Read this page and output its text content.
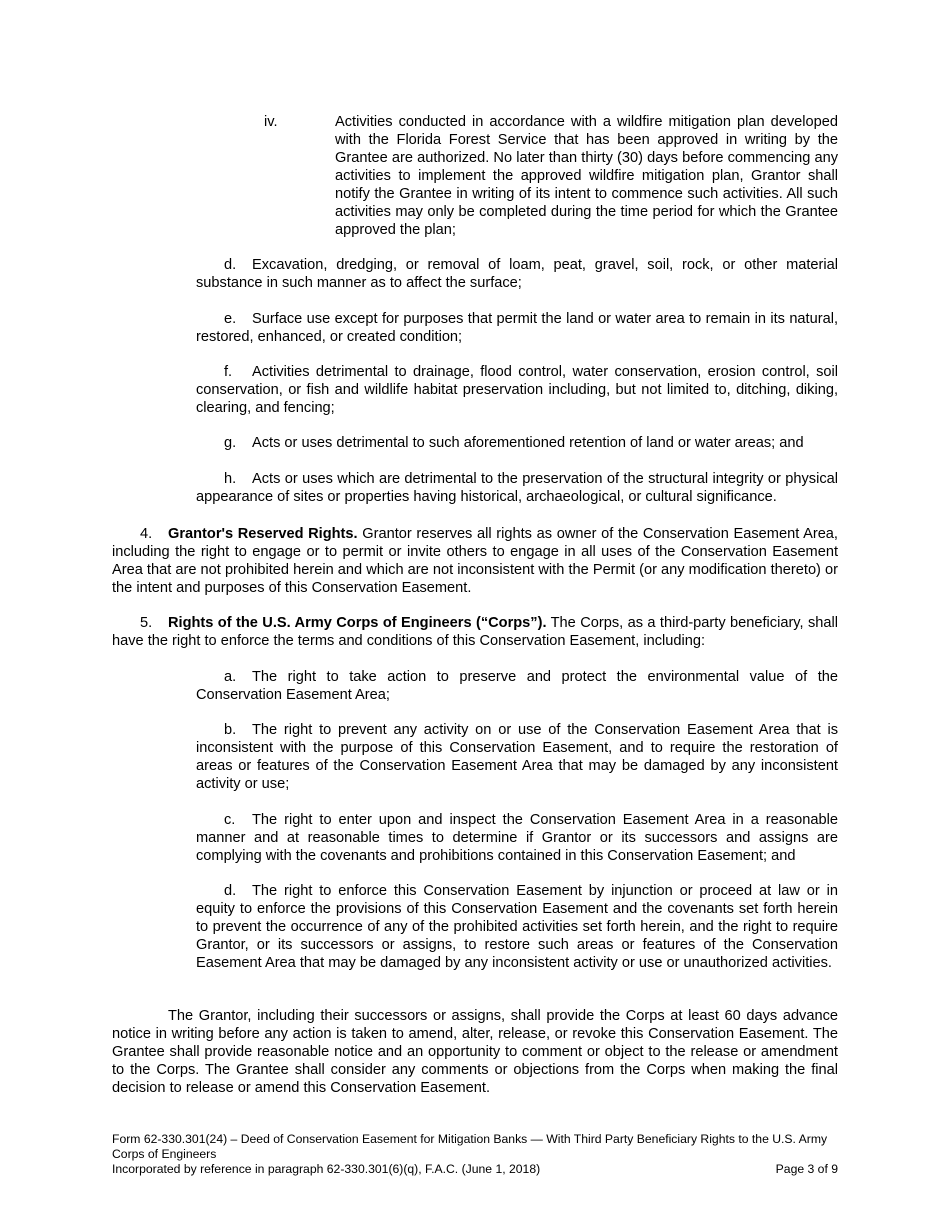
iv.	Activities conducted in accordance with a wildfire mitigation plan developed with the Florida Forest Service that has been approved in writing by the Grantee are authorized. No later than thirty (30) days before commencing any activities to implement the approved wildfire mitigation plan, Grantor shall notify the Grantee in writing of its intent to commence such activities. All such activities may only be completed during the time period for which the Grantee approved the plan;

d. Excavation, dredging, or removal of loam, peat, gravel, soil, rock, or other material substance in such manner as to affect the surface;

e. Surface use except for purposes that permit the land or water area to remain in its natural, restored, enhanced, or created condition;

f. Activities detrimental to drainage, flood control, water conservation, erosion control, soil conservation, or fish and wildlife habitat preservation including, but not limited to, ditching, diking, clearing, and fencing;

g. Acts or uses detrimental to such aforementioned retention of land or water areas; and

h. Acts or uses which are detrimental to the preservation of the structural integrity or physical appearance of sites or properties having historical, archaeological, or cultural significance.

4. Grantor's Reserved Rights. Grantor reserves all rights as owner of the Conservation Easement Area, including the right to engage or to permit or invite others to engage in all uses of the Conservation Easement Area that are not prohibited herein and which are not inconsistent with the Permit (or any modification thereto) or the intent and purposes of this Conservation Easement.

5. Rights of the U.S. Army Corps of Engineers (“Corps”). The Corps, as a third-party beneficiary, shall have the right to enforce the terms and conditions of this Conservation Easement, including:

a. The right to take action to preserve and protect the environmental value of the Conservation Easement Area;

b. The right to prevent any activity on or use of the Conservation Easement Area that is inconsistent with the purpose of this Conservation Easement, and to require the restoration of areas or features of the Conservation Easement Area that may be damaged by any inconsistent activity or use;

c. The right to enter upon and inspect the Conservation Easement Area in a reasonable manner and at reasonable times to determine if Grantor or its successors and assigns are complying with the covenants and prohibitions contained in this Conservation Easement; and

d. The right to enforce this Conservation Easement by injunction or proceed at law or in equity to enforce the provisions of this Conservation Easement and the covenants set forth herein to prevent the occurrence of any of the prohibited activities set forth herein, and the right to require Grantor, or its successors or assigns, to restore such areas or features of the Conservation Easement Area that may be damaged by any inconsistent activity or use or unauthorized activities.

The Grantor, including their successors or assigns, shall provide the Corps at least 60 days advance notice in writing before any action is taken to amend, alter, release, or revoke this Conservation Easement. The Grantee shall provide reasonable notice and an opportunity to comment or object to the release or amendment to the Corps. The Grantee shall consider any comments or objections from the Corps when making the final decision to release or amend this Conservation Easement.

Form 62-330.301(24) – Deed of Conservation Easement for Mitigation Banks — With Third Party Beneficiary Rights to the U.S. Army Corps of Engineers
Incorporated by reference in paragraph 62-330.301(6)(q), F.A.C. (June 1, 2018)	Page 3 of 9
